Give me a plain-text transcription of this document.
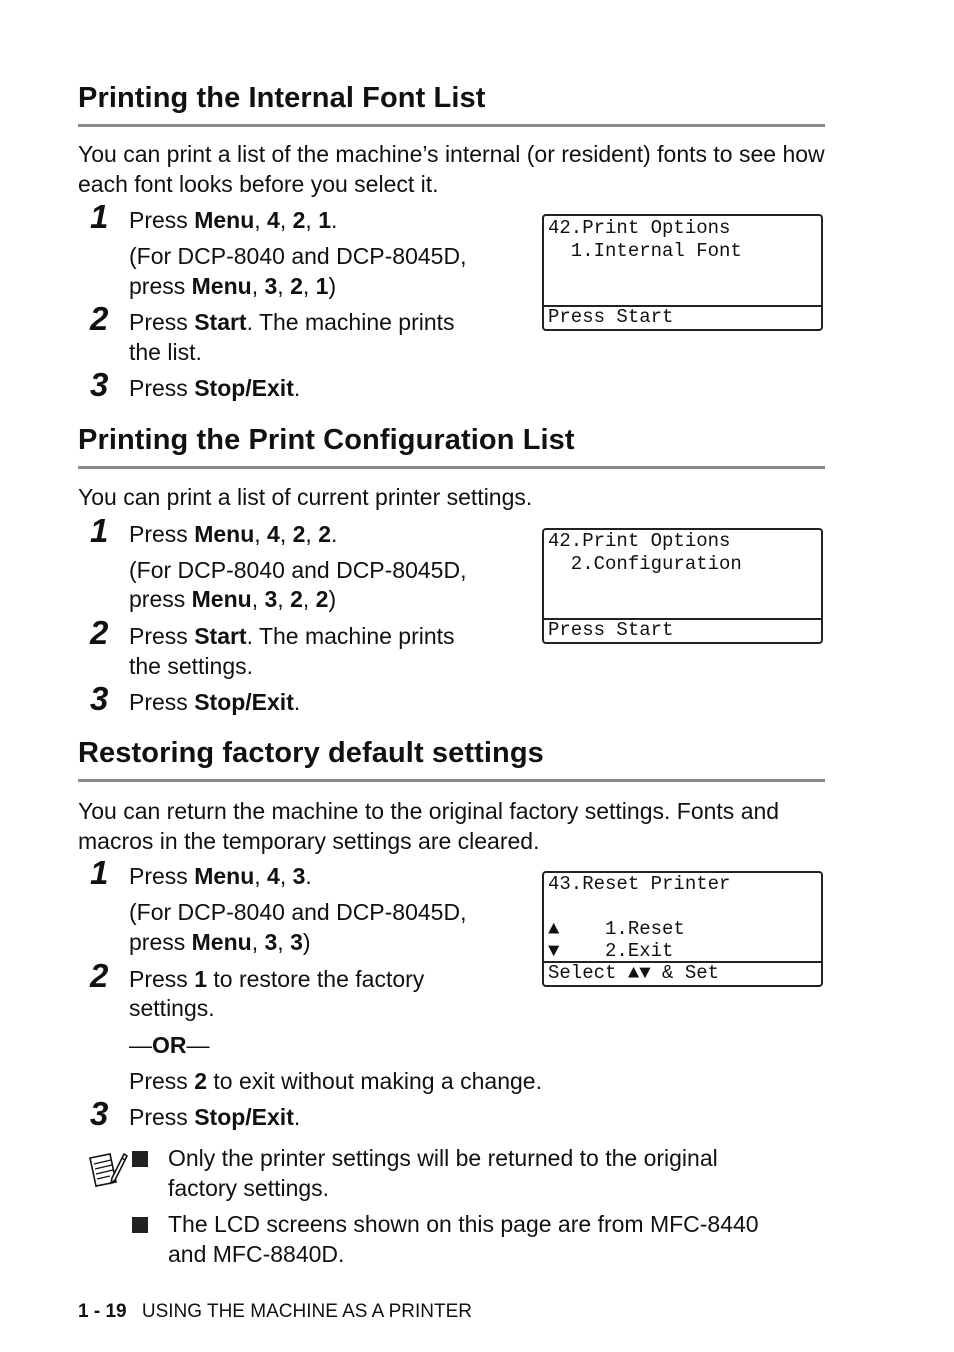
Printing the Internal Font List
You can print a list of the machine’s internal (or resident) fonts to see how each font looks before you select it.
1 Press Menu, 4, 2, 1.
(For DCP-8040 and DCP-8045D,
press Menu, 3, 2, 1)
2 Press Start. The machine prints
the list.
3 Press Stop/Exit.
42.Print Options
1.Internal Font
Press Start
Printing the Print Configuration List
You can print a list of current printer settings.
1 Press Menu, 4, 2, 2.
(For DCP-8040 and DCP-8045D,
press Menu, 3, 2, 2)
2 Press Start. The machine prints
the settings.
3 Press Stop/Exit.
42.Print Options
2.Configuration
Press Start
Restoring factory default settings
You can return the machine to the original factory settings. Fonts and macros in the temporary settings are cleared.
1 Press Menu, 4, 3.
(For DCP-8040 and DCP-8045D,
press Menu, 3, 3)
2 Press 1 to restore the factory
settings.
—OR—
Press 2 to exit without making a change.
3 Press Stop/Exit.
43.Reset Printer
▲    1.Reset
▼    2.Exit
Select ▲▼ & Set
Only the printer settings will be returned to the original
factory settings.
The LCD screens shown on this page are from MFC-8440
and MFC-8840D.
1 - 19 USING THE MACHINE AS A PRINTER
